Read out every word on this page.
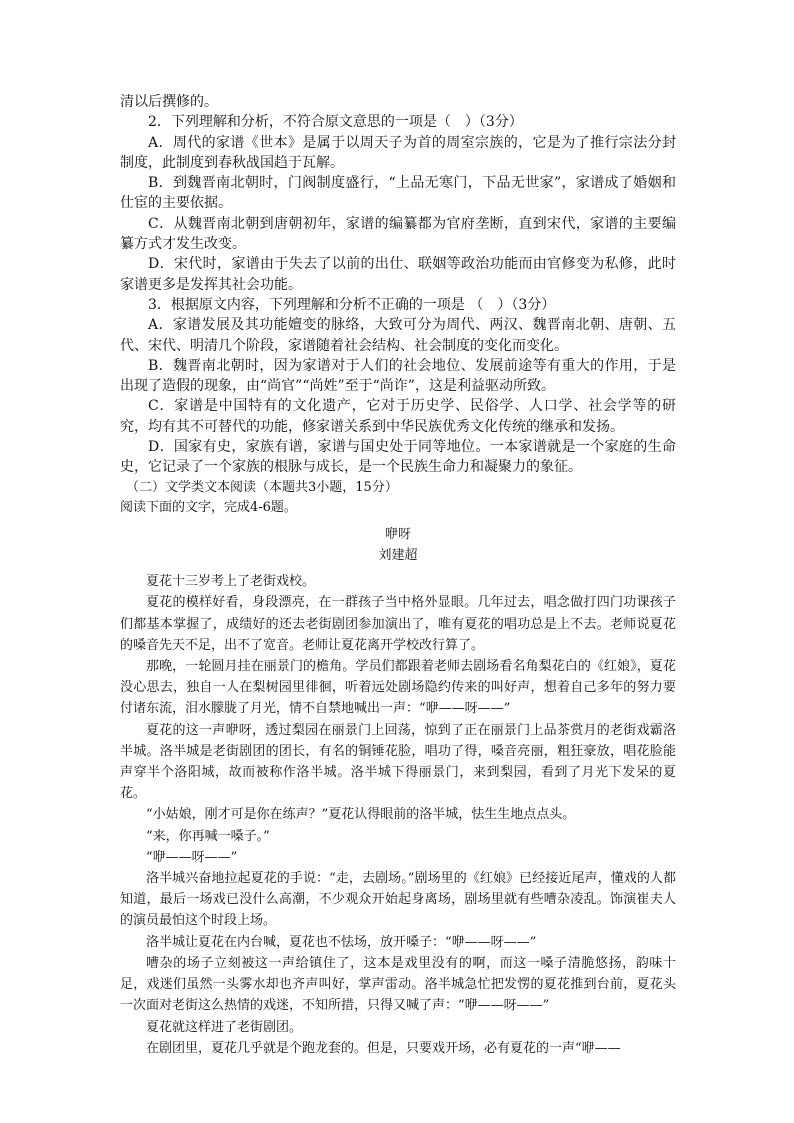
清以后撰修的。

2．下列理解和分析，不符合原文意思的一项是（　）（3分）

A．周代的家谱《世本》是属于以周天子为首的周室宗族的，它是为了推行宗法分封制度，此制度到春秋战国趋于瓦解。

B．到魏晋南北朝时，门阀制度盛行，“上品无寒门，下品无世家”，家谱成了婚姻和仕宦的主要依据。

C．从魏晋南北朝到唐朝初年，家谱的编纂都为官府垄断，直到宋代，家谱的主要编纂方式才发生改变。

D．宋代时，家谱由于失去了以前的出仕、联姻等政治功能而由官修变为私修，此时家谱更多是发挥其社会功能。

3．根据原文内容，下列理解和分析不正确的一项是 （　）（3分）

A．家谱发展及其功能嬗变的脉络，大致可分为周代、两汉、魏晋南北朝、唐朝、五代、宋代、明清几个阶段，家谱随着社会结构、社会制度的变化而变化。

B．魏晋南北朝时，因为家谱对于人们的社会地位、发展前途等有重大的作用，于是出现了造假的现象，由“尚官”“尚姓”至于“尚诈”，这是利益驱动所致。

C．家谱是中国特有的文化遗产，它对于历史学、民俗学、人口学、社会学等的研究，均有其不可替代的功能，修家谱关系到中华民族优秀文化传统的继承和发扬。

D．国家有史，家族有谱，家谱与国史处于同等地位。一本家谱就是一个家庭的生命史，它记录了一个家族的根脉与成长，是一个民族生命力和凝聚力的象征。

（二）文学类文本阅读（本题共3小题，15分）

阅读下面的文字，完成4-6题。

咿呀
刘建超

夏花十三岁考上了老街戏校。

夏花的模样好看，身段漂亮，在一群孩子当中格外显眼。几年过去，唱念做打四门功课孩子们都基本掌握了，成绩好的还去老街剧团参加演出了，唯有夏花的唱功总是上不去。老师说夏花的嗓音先天不足，出不了宽音。老师让夏花离开学校改行算了。

那晚，一轮圆月挂在丽景门的檐角。学员们都跟着老师去剧场看名角梨花白的《红娘》，夏花没心思去，独自一人在梨树园里徘徊，听着远处剧场隐约传来的叫好声，想着自己多年的努力要付诸东流，泪水朦胧了月光，情不自禁地喊出一声：“咿——呀——”

夏花的这一声咿呀，透过梨园在丽景门上回荡，惊到了正在丽景门上品茶赏月的老街戏霸洛半城。洛半城是老街剧团的团长，有名的铜锤花脸，唱功了得，嗓音亮丽，粗狂豪放，唱花脸能声穿半个洛阳城，故而被称作洛半城。洛半城下得丽景门，来到梨园，看到了月光下发呆的夏花。

“小姑娘，刚才可是你在练声？”夏花认得眼前的洛半城，怯生生地点点头。

“来，你再喊一嗓子。”

“咿——呀——”

洛半城兴奋地拉起夏花的手说：“走，去剧场。”剧场里的《红娘》已经接近尾声，懂戏的人都知道，最后一场戏已没什么高潮，不少观众开始起身离场，剧场里就有些嘈杂凌乱。饰演崔夫人的演员最怕这个时段上场。

洛半城让夏花在内台喊，夏花也不怯场，放开嗓子：“咿——呀——”

嘈杂的场子立刻被这一声给镇住了，这本是戏里没有的啊，而这一嗓子清脆悠扬，韵味十足，戏迷们虽然一头雾水却也齐声叫好，掌声雷动。洛半城急忙把发愣的夏花推到台前，夏花头一次面对老街这么热情的戏迷，不知所措，只得又喊了声：“咿——呀——”

夏花就这样进了老街剧团。

在剧团里，夏花几乎就是个跑龙套的。但是，只要戏开场，必有夏花的一声“咿——
